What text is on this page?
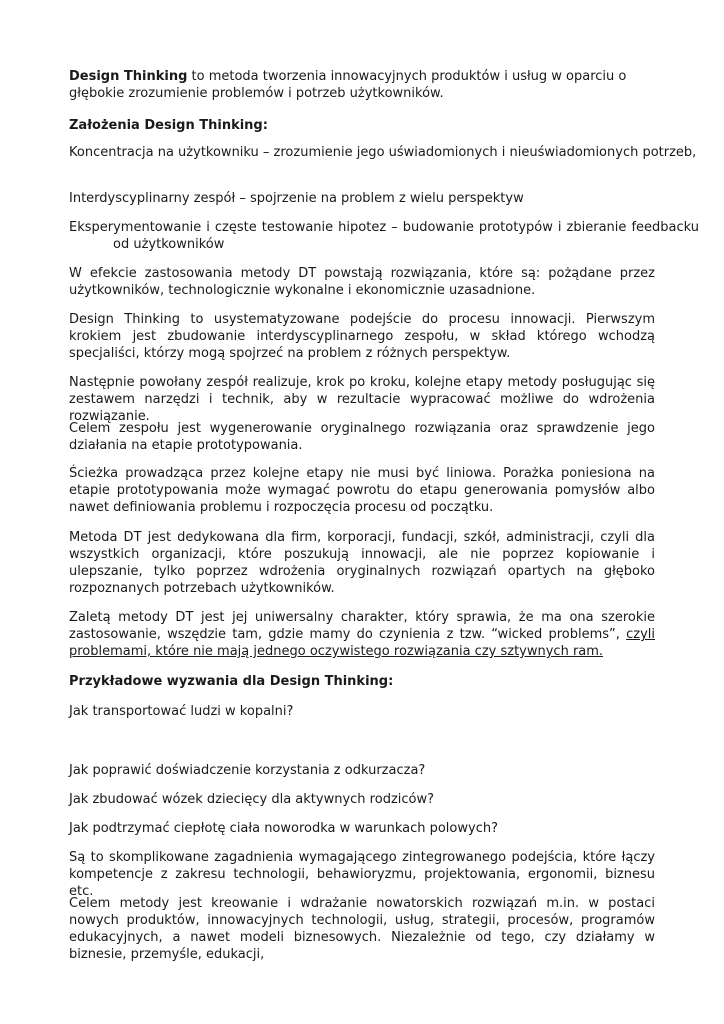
Design Thinking to metoda tworzenia innowacyjnych produktów i usług w oparciu o głębokie zrozumienie problemów i potrzeb użytkowników.

Założenia Design Thinking:

Koncentracja na użytkowniku – zrozumienie jego uświadomionych i nieuświadomionych potrzeb,

Interdyscyplinarny zespół – spojrzenie na problem z wielu perspektyw

Eksperymentowanie i częste testowanie hipotez – budowanie prototypów i zbieranie feedbacku od użytkowników

W efekcie zastosowania metody DT powstają rozwiązania, które są: pożądane przez użytkowników, technologicznie wykonalne i ekonomicznie uzasadnione.

Design Thinking to usystematyzowane podejście do procesu innowacji. Pierwszym krokiem jest zbudowanie interdyscyplinarnego zespołu, w skład którego wchodzą specjaliści, którzy mogą spojrzeć na problem z różnych perspektyw.

Następnie powołany zespół realizuje, krok po kroku, kolejne etapy metody posługując się zestawem narzędzi i technik, aby w rezultacie wypracować możliwe do wdrożenia rozwiązanie.

Celem zespołu jest wygenerowanie oryginalnego rozwiązania oraz sprawdzenie jego działania na etapie prototypowania.

Ścieżka prowadząca przez kolejne etapy nie musi być liniowa. Porażka poniesiona na etapie prototypowania może wymagać powrotu do etapu generowania pomysłów albo nawet definiowania problemu i rozpoczęcia procesu od początku.

Metoda DT jest dedykowana dla firm, korporacji, fundacji, szkół, administracji, czyli dla wszystkich organizacji, które poszukują innowacji, ale nie poprzez kopiowanie i ulepszanie, tylko poprzez wdrożenia oryginalnych rozwiązań opartych na głęboko rozpoznanych potrzebach użytkowników.

Zaletą metody DT jest jej uniwersalny charakter, który sprawia, że ma ona szerokie zastosowanie, wszędzie tam, gdzie mamy do czynienia z tzw. “wicked problems”, czyli problemami, które nie mają jednego oczywistego rozwiązania czy sztywnych ram.

Przykładowe wyzwania dla Design Thinking:

Jak transportować ludzi w kopalni?

Jak poprawić doświadczenie korzystania z odkurzacza?

Jak zbudować wózek dziecięcy dla aktywnych rodziców?

Jak podtrzymać ciepłotę ciała noworodka w warunkach polowych?

Są to skomplikowane zagadnienia wymagającego zintegrowanego podejścia, które łączy kompetencje z zakresu technologii, behawioryzmu, projektowania, ergonomii, biznesu etc.

Celem metody jest kreowanie i wdrażanie nowatorskich rozwiązań m.in. w postaci nowych produktów, innowacyjnych technologii, usług, strategii, procesów, programów edukacyjnych, a nawet modeli biznesowych. Niezależnie od tego, czy działamy w biznesie, przemyśle, edukacji,
